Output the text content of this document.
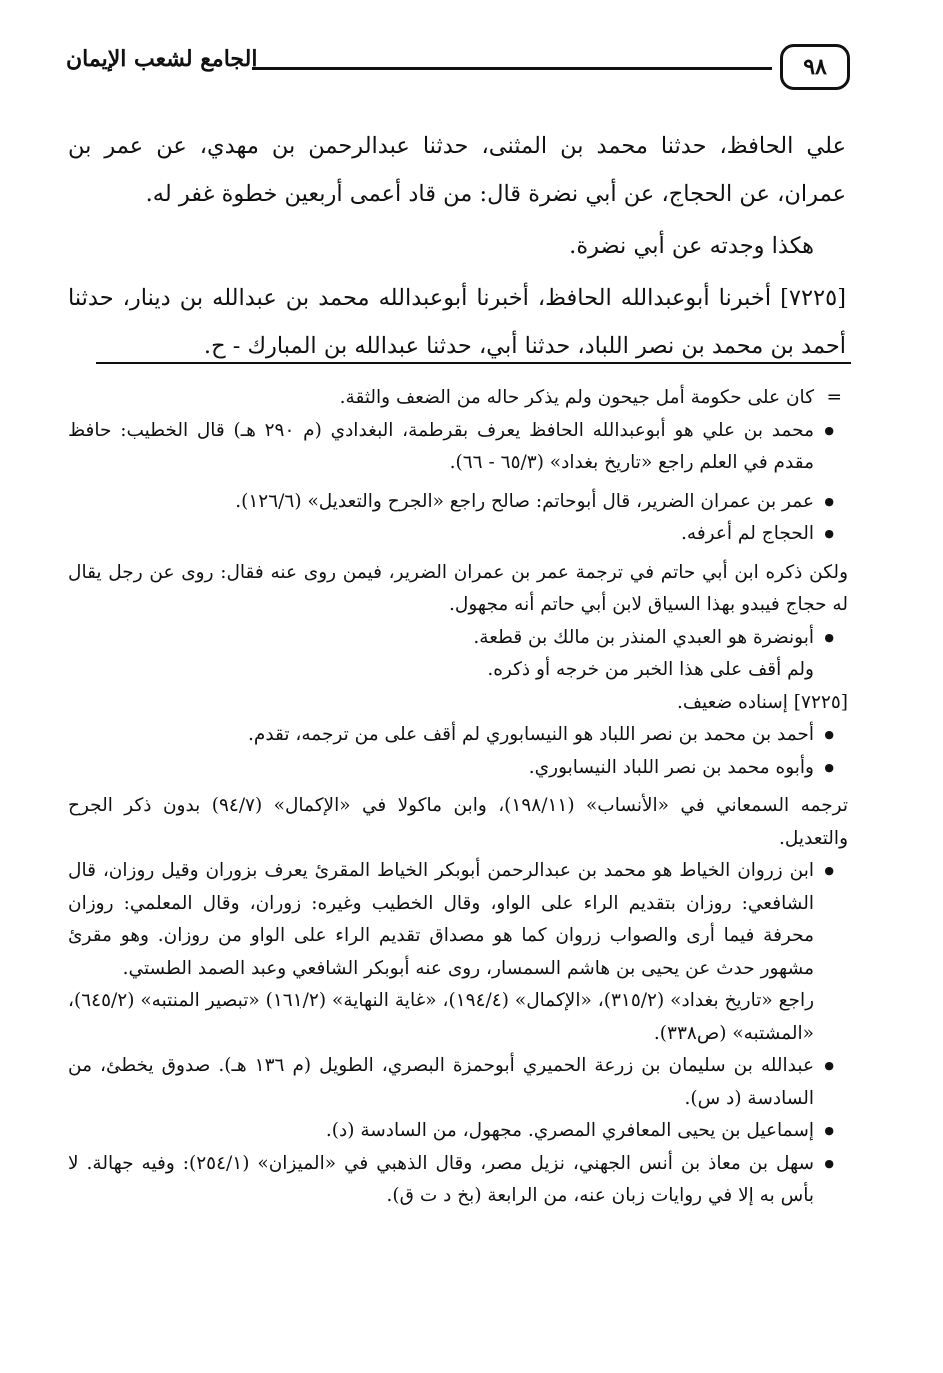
٩٨
الجامع لشعب الإيمان

علي الحافظ، حدثنا محمد بن المثنى، حدثنا عبدالرحمن بن مهدي، عن عمر بن عمران، عن الحجاج، عن أبي نضرة قال: من قاد أعمى أربعين خطوة غفر له.

هكذا وجدته عن أبي نضرة.

[٧٢٢٥] أخبرنا أبوعبدالله الحافظ، أخبرنا أبوعبدالله محمد بن عبدالله بن دينار، حدثنا أحمد بن محمد بن نصر اللباد، حدثنا أبي، حدثنا عبدالله بن المبارك - ح.

= كان على حكومة أمل جيحون ولم يذكر حاله من الضعف والثقة.

● محمد بن علي هو أبوعبدالله الحافظ يعرف بقرطمة، البغدادي (م ٢٩٠ هـ) قال الخطيب: حافظ مقدم في العلم راجع «تاريخ بغداد» (٦٥/٣ - ٦٦).

● عمر بن عمران الضرير، قال أبوحاتم: صالح راجع «الجرح والتعديل» (١٢٦/٦).

● الحجاج لم أعرفه.

ولكن ذكره ابن أبي حاتم في ترجمة عمر بن عمران الضرير، فيمن روى عنه فقال: روى عن رجل يقال له حجاج فيبدو بهذا السياق لابن أبي حاتم أنه مجهول.

● أبونضرة هو العبدي المنذر بن مالك بن قطعة.

ولم أقف على هذا الخبر من خرجه أو ذكره.

[٧٢٢٥] إسناده ضعيف.

● أحمد بن محمد بن نصر اللباد هو النيسابوري لم أقف على من ترجمه، تقدم.

● وأبوه محمد بن نصر اللباد النيسابوري.

ترجمه السمعاني في «الأنساب» (١٩٨/١١)، وابن ماكولا في «الإكمال» (٩٤/٧) بدون ذكر الجرح والتعديل.

● ابن زروان الخياط هو محمد بن عبدالرحمن أبوبكر الخياط المقرئ يعرف بزوران وقيل روزان، قال الشافعي: روزان بتقديم الراء على الواو، وقال الخطيب وغيره: زوران، وقال المعلمي: روزان محرفة فيما أرى والصواب زروان كما هو مصداق تقديم الراء على الواو من روزان. وهو مقرئ مشهور حدث عن يحيى بن هاشم السمسار، روى عنه أبوبكر الشافعي وعبد الصمد الطستي.

راجع «تاريخ بغداد» (٣١٥/٢)، «الإكمال» (١٩٤/٤)، «غاية النهاية» (١٦١/٢) «تبصير المنتبه» (٦٤٥/٢)، «المشتبه» (ص٣٣٨).

● عبدالله بن سليمان بن زرعة الحميري أبوحمزة البصري، الطويل (م ١٣٦ هـ). صدوق يخطئ، من السادسة (د س).

● إسماعيل بن يحيى المعافري المصري. مجهول، من السادسة (د).

● سهل بن معاذ بن أنس الجهني، نزيل مصر، وقال الذهبي في «الميزان» (٢٥٤/١): وفيه جهالة. لا بأس به إلا في روايات زبان عنه، من الرابعة (بخ د ت ق).
